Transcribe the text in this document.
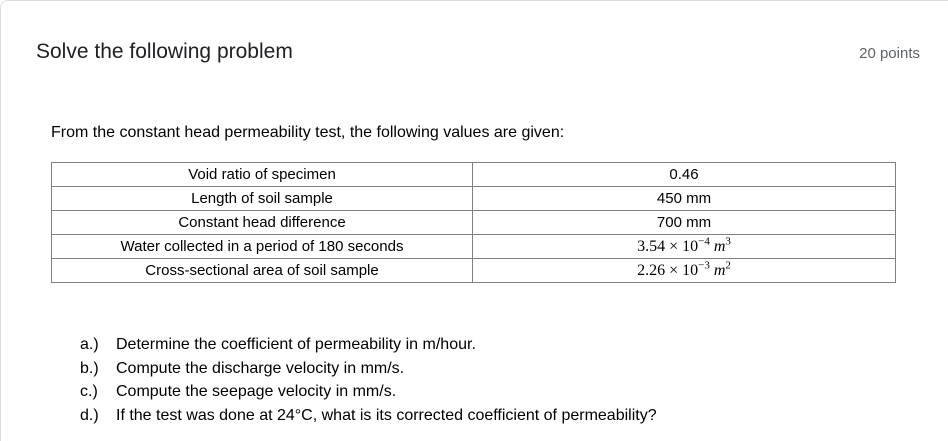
Solve the following problem	20 points
From the constant head permeability test, the following values are given:
Void ratio of specimen	0.46
Length of soil sample	450 mm
Constant head difference	700 mm
Water collected in a period of 180 seconds	$3.54 \times 10^{-4}$ $m^3$
Cross-sectional area of soil sample	$2.26 \times 10^{-3}$ $m^2$
a.) Determine the coefficient of permeability in m/hour.
b.) Compute the discharge velocity in mm/s.
c.) Compute the seepage velocity in mm/s.
d.) If the test was done at 24°C, what is its corrected coefficient of permeability?
